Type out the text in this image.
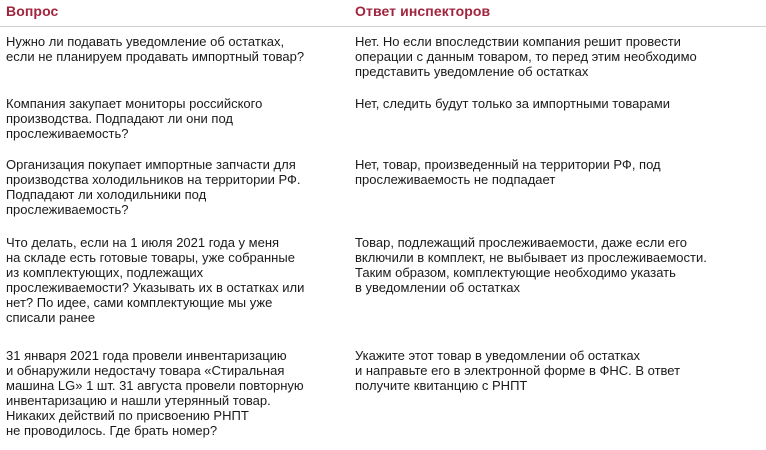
Вопрос	Ответ инспекторов
Нужно ли подавать уведомление об остатках,
если не планируем продавать импортный товар?
Нет. Но если впоследствии компания решит провести
операции с данным товаром, то перед этим необходимо
представить уведомление об остатках
Компания закупает мониторы российского
производства. Подпадают ли они под
прослеживаемость?
Нет, следить будут только за импортными товарами
Организация покупает импортные запчасти для
производства холодильников на территории РФ.
Подпадают ли холодильники под
прослеживаемость?
Нет, товар, произведенный на территории РФ, под
прослеживаемость не подпадает
Что делать, если на 1 июля 2021 года у меня
на складе есть готовые товары, уже собранные
из комплектующих, подлежащих
прослеживаемости? Указывать их в остатках или
нет? По идее, сами комплектующие мы уже
списали ранее
Товар, подлежащий прослеживаемости, даже если его
включили в комплект, не выбывает из прослеживаемости.
Таким образом, комплектующие необходимо указать
в уведомлении об остатках
31 января 2021 года провели инвентаризацию
и обнаружили недостачу товара «Стиральная
машина LG» 1 шт. 31 августа провели повторную
инвентаризацию и нашли утерянный товар.
Никаких действий по присвоению РНПТ
не проводилось. Где брать номер?
Укажите этот товар в уведомлении об остатках
и направьте его в электронной форме в ФНС. В ответ
получите квитанцию с РНПТ
